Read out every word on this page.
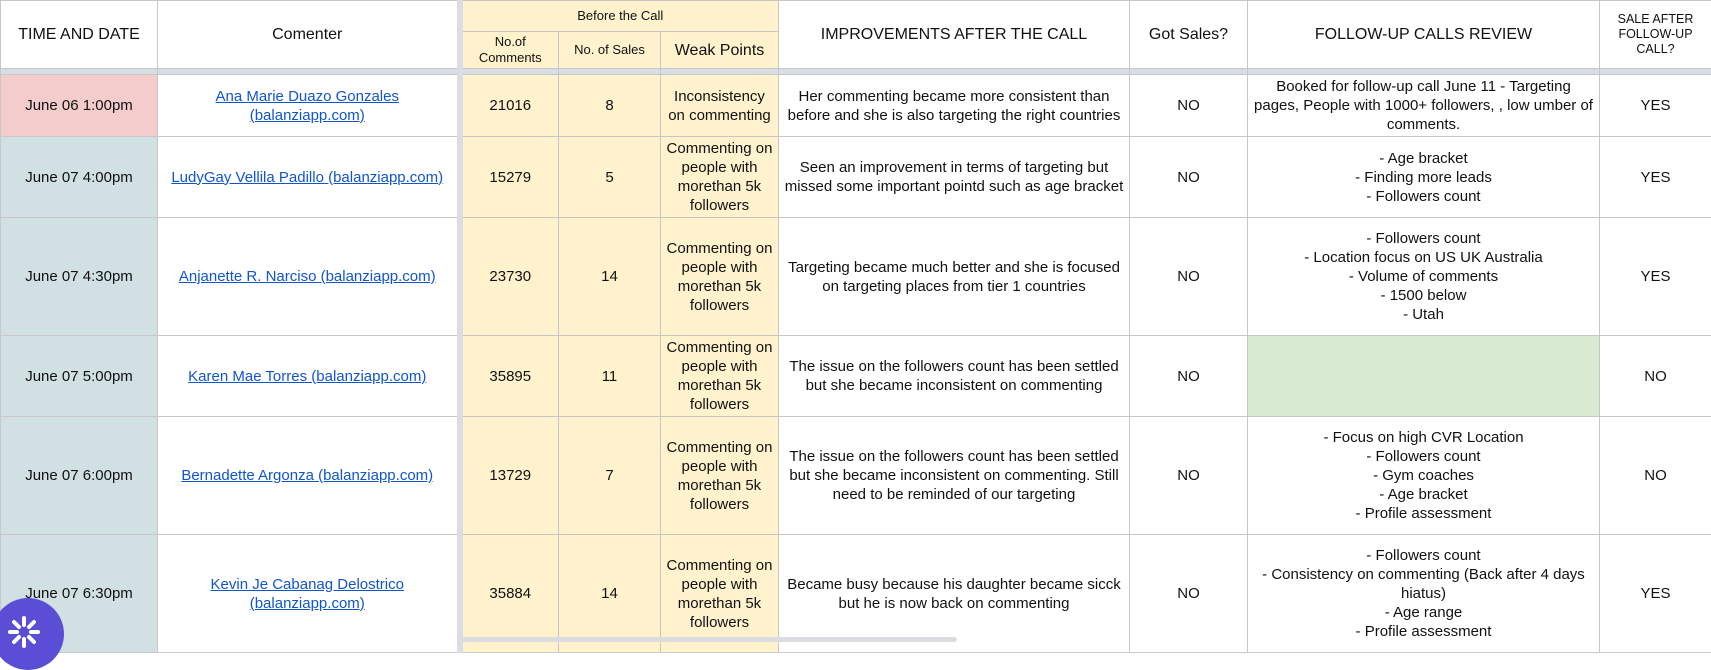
TIME AND DATE	Comenter	Before the Call			IMPROVEMENTS AFTER THE CALL	Got Sales?	FOLLOW-UP CALLS REVIEW	SALE AFTER FOLLOW-UP CALL?
		No.of Comments	No. of Sales	Weak Points				

June 06 1:00pm	Ana Marie Duazo Gonzales (balanziapp.com)	21016	8	Inconsistency on commenting	Her commenting became more consistent than before and she is also targeting the right countries	NO	Booked for follow-up call June 11 - Targeting pages, People with 1000+ followers, , low umber of comments.	YES
June 07 4:00pm	LudyGay Vellila Padillo (balanziapp.com)	15279	5	Commenting on people with morethan 5k followers	Seen an improvement in terms of targeting but missed some important pointd such as age bracket	NO	- Age bracket
- Finding more leads
- Followers count	YES
June 07 4:30pm	Anjanette R. Narciso (balanziapp.com)	23730	14	Commenting on people with morethan 5k followers	Targeting became much better and she is focused on targeting places from tier 1 countries	NO	- Followers count
- Location focus on US UK Australia
- Volume of comments
- 1500 below
- Utah	YES
June 07 5:00pm	Karen Mae Torres (balanziapp.com)	35895	11	Commenting on people with morethan 5k followers	The issue on the followers count has been settled but she became inconsistent on commenting	NO		NO
June 07 6:00pm	Bernadette Argonza (balanziapp.com)	13729	7	Commenting on people with morethan 5k followers	The issue on the followers count has been settled but she became inconsistent on commenting. Still need to be reminded of our targeting	NO	- Focus on high CVR Location
- Followers count
- Gym coaches
- Age bracket
- Profile assessment	NO
June 07 6:30pm	Kevin Je Cabanag Delostrico (balanziapp.com)	35884	14	Commenting on people with morethan 5k followers	Became busy because his daughter became sicck but he is now back on commenting	NO	- Followers count
- Consistency on commenting (Back after 4 days hiatus)
- Age range
- Profile assessment	YES
